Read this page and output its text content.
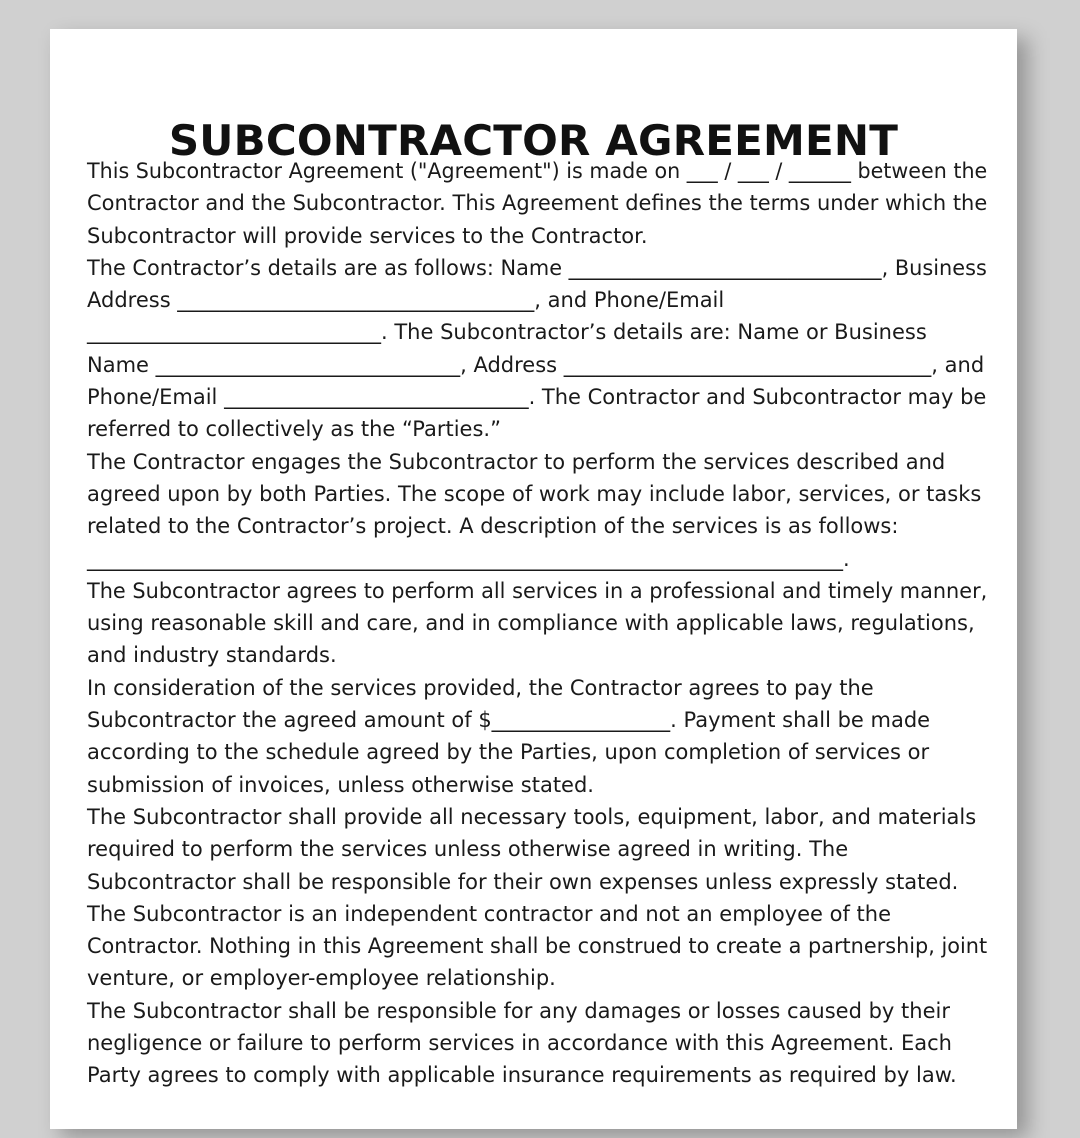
SUBCONTRACTOR AGREEMENT
This Subcontractor Agreement ("Agreement") is made on ___ / ___ / ______ between the
Contractor and the Subcontractor. This Agreement defines the terms under which the
Subcontractor will provide services to the Contractor.
The Contractor’s details are as follows: Name ______________________________, Business
Address __________________________________, and Phone/Email
____________________________. The Subcontractor’s details are: Name or Business
Name _____________________________, Address ___________________________________, and
Phone/Email _____________________________. The Contractor and Subcontractor may be
referred to collectively as the “Parties.”
The Contractor engages the Subcontractor to perform the services described and
agreed upon by both Parties. The scope of work may include labor, services, or tasks
related to the Contractor’s project. A description of the services is as follows:
________________________________________________________________________.
The Subcontractor agrees to perform all services in a professional and timely manner,
using reasonable skill and care, and in compliance with applicable laws, regulations,
and industry standards.
In consideration of the services provided, the Contractor agrees to pay the
Subcontractor the agreed amount of $_________________. Payment shall be made
according to the schedule agreed by the Parties, upon completion of services or
submission of invoices, unless otherwise stated.
The Subcontractor shall provide all necessary tools, equipment, labor, and materials
required to perform the services unless otherwise agreed in writing. The
Subcontractor shall be responsible for their own expenses unless expressly stated.
The Subcontractor is an independent contractor and not an employee of the
Contractor. Nothing in this Agreement shall be construed to create a partnership, joint
venture, or employer-employee relationship.
The Subcontractor shall be responsible for any damages or losses caused by their
negligence or failure to perform services in accordance with this Agreement. Each
Party agrees to comply with applicable insurance requirements as required by law.
